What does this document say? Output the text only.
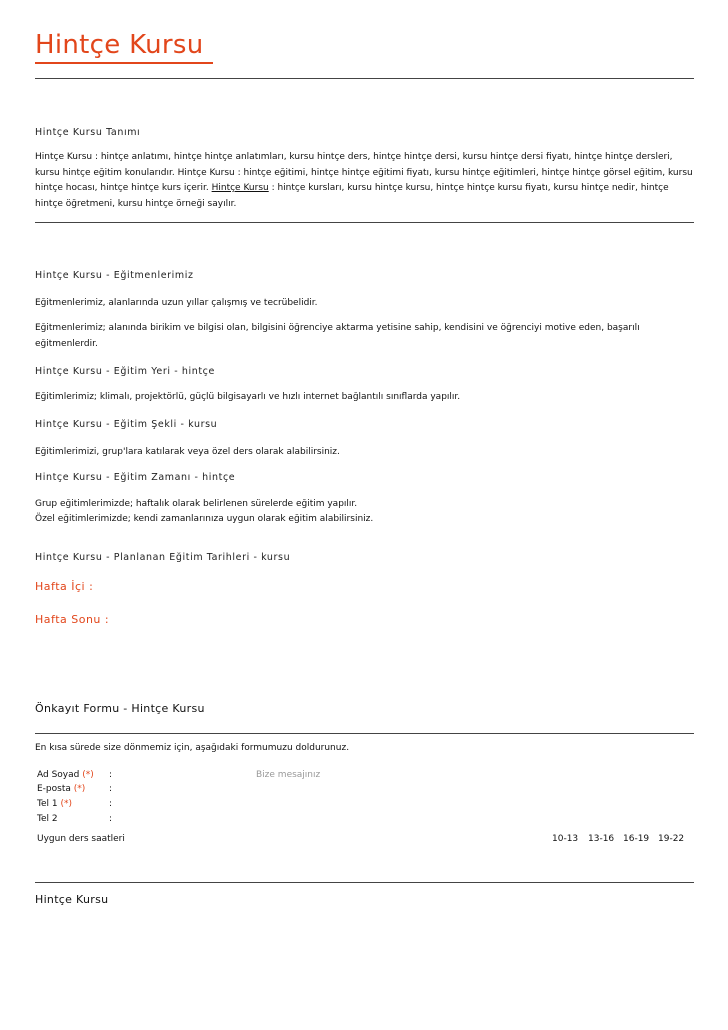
Hintçe Kursu
Hintçe Kursu Tanımı
Hintçe Kursu : hintçe anlatımı, hintçe hintçe anlatımları, kursu hintçe ders, hintçe hintçe dersi, kursu hintçe dersi fiyatı, hintçe hintçe dersleri, kursu hintçe eğitim konularıdır. Hintçe Kursu : hintçe eğitimi, hintçe hintçe eğitimi fiyatı, kursu hintçe eğitimleri, hintçe hintçe görsel eğitim, kursu hintçe hocası, hintçe hintçe kurs içerir. Hintçe Kursu : hintçe kursları, kursu hintçe kursu, hintçe hintçe kursu fiyatı, kursu hintçe nedir, hintçe hintçe öğretmeni, kursu hintçe örneği sayılır.
Hintçe Kursu - Eğitmenlerimiz
Eğitmenlerimiz, alanlarında uzun yıllar çalışmış ve tecrübelidir.
Eğitmenlerimiz; alanında birikim ve bilgisi olan, bilgisini öğrenciye aktarma yetisine sahip, kendisini ve öğrenciyi motive eden, başarılı eğitmenlerdir.
Hintçe Kursu - Eğitim Yeri - hintçe
Eğitimlerimiz; klimalı, projektörlü, güçlü bilgisayarlı ve hızlı internet bağlantılı sınıflarda yapılır.
Hintçe Kursu - Eğitim Şekli - kursu
Eğitimlerimizi, grup'lara katılarak veya özel ders olarak alabilirsiniz.
Hintçe Kursu - Eğitim Zamanı - hintçe
Grup eğitimlerimizde; haftalık olarak belirlenen sürelerde eğitim yapılır.
Özel eğitimlerimizde; kendi zamanlarınıza uygun olarak eğitim alabilirsiniz.
Hintçe Kursu - Planlanan Eğitim Tarihleri - kursu
Hafta İçi :
Hafta Sonu :
Önkayıt Formu - Hintçe Kursu
En kısa sürede size dönmemiz için, aşağıdaki formumuzu doldurunuz.
Ad Soyad (*) :
E-posta (*)	:
Tel 1 (*)	:
Tel 2	:
Bize mesajınız
Uygun ders saatleri	10-13 13-16 16-19 19-22
Hintçe Kursu
